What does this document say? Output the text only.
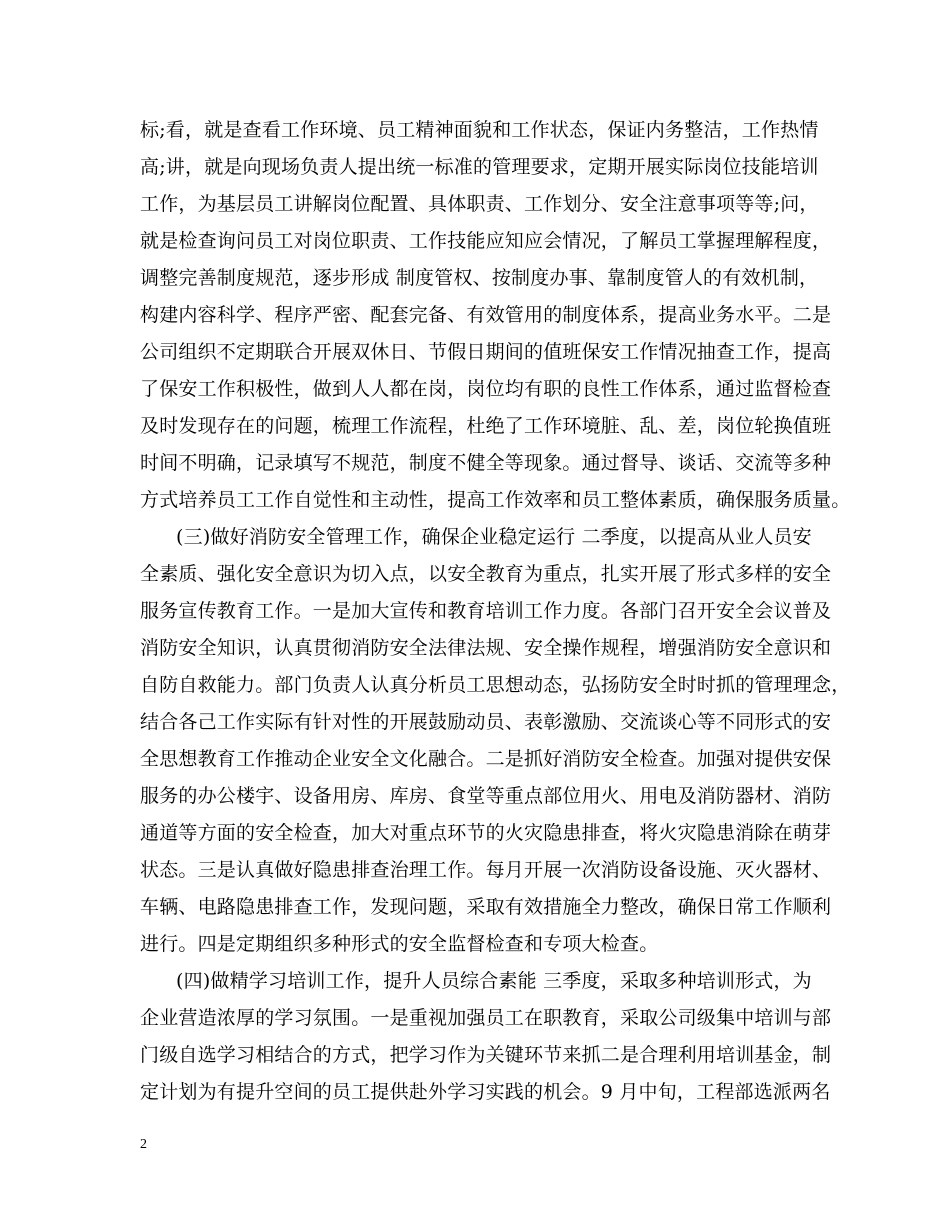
标;看，就是查看工作环境、员工精神面貌和工作状态，保证内务整洁，工作热情
高;讲，就是向现场负责人提出统一标准的管理要求，定期开展实际岗位技能培训
工作，为基层员工讲解岗位配置、具体职责、工作划分、安全注意事项等等;问，
就是检查询问员工对岗位职责、工作技能应知应会情况，了解员工掌握理解程度，
调整完善制度规范，逐步形成 制度管权、按制度办事、靠制度管人的有效机制，
构建内容科学、程序严密、配套完备、有效管用的制度体系，提高业务水平。二是
公司组织不定期联合开展双休日、节假日期间的值班保安工作情况抽查工作，提高
了保安工作积极性，做到人人都在岗，岗位均有职的良性工作体系，通过监督检查
及时发现存在的问题，梳理工作流程，杜绝了工作环境脏、乱、差，岗位轮换值班
时间不明确，记录填写不规范，制度不健全等现象。通过督导、谈话、交流等多种
方式培养员工工作自觉性和主动性，提高工作效率和员工整体素质，确保服务质量。
(三)做好消防安全管理工作，确保企业稳定运行 二季度，以提高从业人员安
全素质、强化安全意识为切入点，以安全教育为重点，扎实开展了形式多样的安全
服务宣传教育工作。一是加大宣传和教育培训工作力度。各部门召开安全会议普及
消防安全知识，认真贯彻消防安全法律法规、安全操作规程，增强消防安全意识和
自防自救能力。部门负责人认真分析员工思想动态，弘扬防安全时时抓的管理理念，
结合各己工作实际有针对性的开展鼓励动员、表彰激励、交流谈心等不同形式的安
全思想教育工作推动企业安全文化融合。二是抓好消防安全检查。加强对提供安保
服务的办公楼宇、设备用房、库房、食堂等重点部位用火、用电及消防器材、消防
通道等方面的安全检查，加大对重点环节的火灾隐患排查，将火灾隐患消除在萌芽
状态。三是认真做好隐患排查治理工作。每月开展一次消防设备设施、灭火器材、
车辆、电路隐患排查工作，发现问题，采取有效措施全力整改，确保日常工作顺利
进行。四是定期组织多种形式的安全监督检查和专项大检查。
(四)做精学习培训工作，提升人员综合素能 三季度，采取多种培训形式，为
企业营造浓厚的学习氛围。一是重视加强员工在职教育，采取公司级集中培训与部
门级自选学习相结合的方式，把学习作为关键环节来抓二是合理利用培训基金，制
定计划为有提升空间的员工提供赴外学习实践的机会。9 月中旬，工程部选派两名
2
